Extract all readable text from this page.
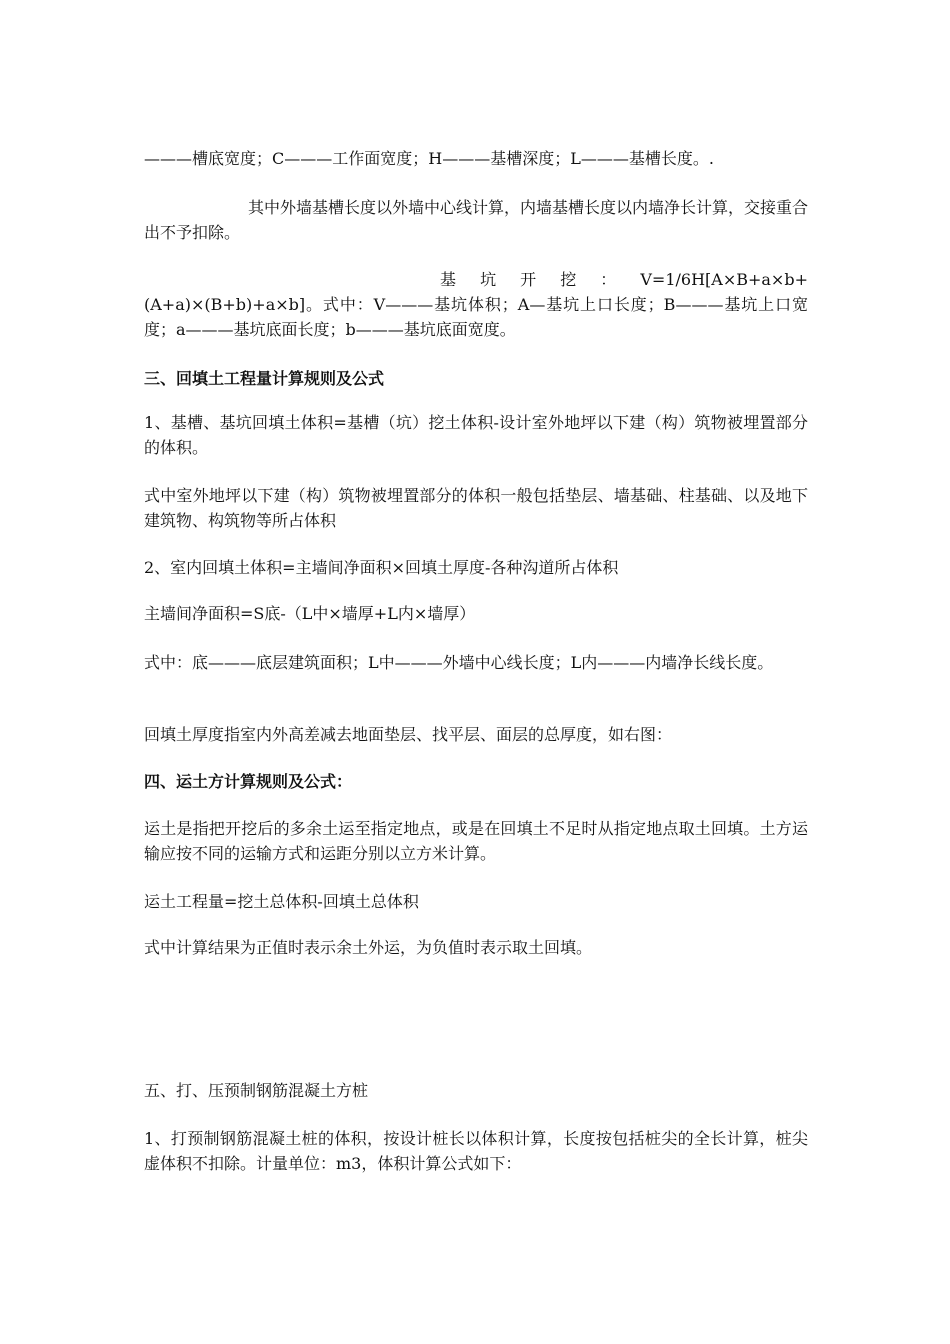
———槽底宽度；C———工作面宽度；H———基槽深度；L———基槽长度。.

其中外墙基槽长度以外墙中心线计算，内墙基槽长度以内墙净长计算，交接重合出不予扣除。

基坑开挖：V=1/6H[A×B+a×b+(A+a)×(B+b)+a×b]。式中：V———基坑体积；A—基坑上口长度；B———基坑上口宽度；a———基坑底面长度；b———基坑底面宽度。

三、回填土工程量计算规则及公式

1、基槽、基坑回填土体积=基槽（坑）挖土体积-设计室外地坪以下建（构）筑物被埋置部分的体积。

式中室外地坪以下建（构）筑物被埋置部分的体积一般包括垫层、墙基础、柱基础、以及地下建筑物、构筑物等所占体积

2、室内回填土体积=主墙间净面积×回填土厚度-各种沟道所占体积

主墙间净面积=S底-（L中×墙厚+L内×墙厚）

式中：底———底层建筑面积；L中———外墙中心线长度；L内———内墙净长线长度。

回填土厚度指室内外高差减去地面垫层、找平层、面层的总厚度，如右图：

四、运土方计算规则及公式：

运土是指把开挖后的多余土运至指定地点，或是在回填土不足时从指定地点取土回填。土方运输应按不同的运输方式和运距分别以立方米计算。

运土工程量=挖土总体积-回填土总体积

式中计算结果为正值时表示余土外运，为负值时表示取土回填。

五、打、压预制钢筋混凝土方桩

1、打预制钢筋混凝土桩的体积，按设计桩长以体积计算，长度按包括桩尖的全长计算，桩尖虚体积不扣除。计量单位：m3，体积计算公式如下：
